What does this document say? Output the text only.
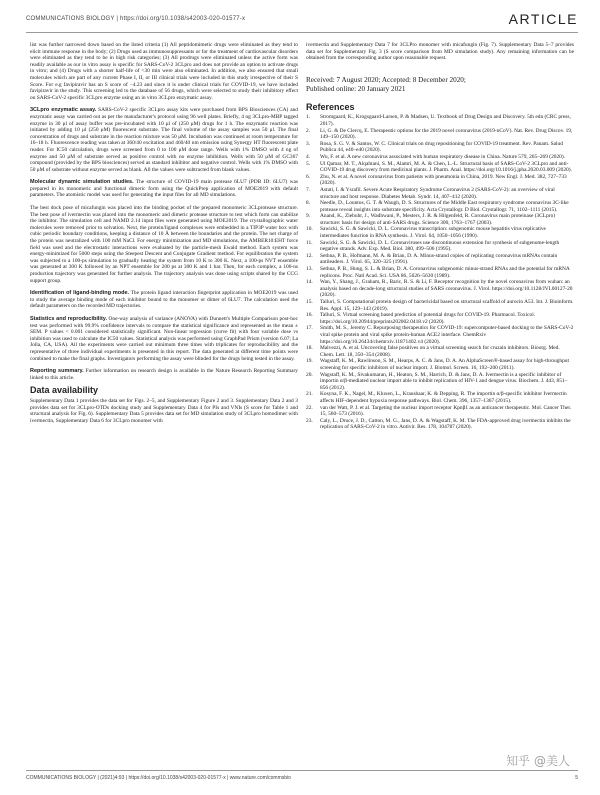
COMMUNICATIONS BIOLOGY | https://doi.org/10.1038/s42003-020-01577-x	ARTICLE

list was further narrowed down based on the listed criteria (1) All peptidomimetic drugs were eliminated as they tend to elicit immune response in the body; (2) Drugs used as immunosuppressants or for the treatment of cardiovascular disorders were eliminated as they tend to be in high risk categories; (3) All prodrugs were eliminated unless the active form was readily available as our in vitro assay is specific for SARS-CoV-2 3CLpro and does not provide an option to activate drugs in vitro; and (4) Drugs with a shorter half-life of <30 min were also eliminated. In addition, we also ensured that small molecules which are part of any current Phase I, II, or III clinical trials were included in this study irrespective of their S Score. For e.g favipiravir has an S score of −4.23 and since it is under clinical trials for COVID-19, we have included favipiravir in the study. This screening led to the database of 56 drugs, which were selected to study their inhibitory effect on SARS-CoV-2 specific 3CLpro enzyme using an in vitro 3CLpro enzymatic assay.

3CLpro enzymatic assay. SARS-CoV-2 specific 3CLpro assay kits were purchased from BPS Biosciences (CA) and enzymatic assay was carried out as per the manufacturer's protocol using 96 well plates. Briefly, 4 ng 3CLpro-MBP tagged enzyme in 30 μl of assay buffer was pre-incubated with 10 μl of (250 μM) drugs for 1 h. The enzymatic reaction was initiated by adding 10 μl (250 μM) fluorescent substrate. The final volume of the assay samples was 50 μl. The final concentration of drugs and substrate in the reaction mixture was 50 μM. Incubation was continued at room temperature for 16–18 h. Fluorescence reading was taken at 360/40 excitation and 460/40 nm emission using Synergy HT fluorescent plate reader. For IC50 calculation, drugs were screened from 0 to 100 μM dose range. Wells with 1% DMSO with 4 ng of enzyme and 50 μM of substrate served as positive control with no enzyme inhibition. Wells with 50 μM of GC367 compound (provided by the BPS biosciences) served as standard inhibitor and negative control. Wells with 1% DMSO with 50 μM of substrate without enzyme served as blank. All the values were subtracted from blank values.

Molecular dynamic simulation studies. The structure of COVID-19 main protease 6LU7 (PDB ID: 6LU7) was prepared in its monomeric and functional dimeric form using the QuickPrep application of MOE2019 with default parameters. The atomistic model was used for generating the input files for all MD simulations.

The best dock pose of micafungin was placed into the binding pocket of the prepared monomeric 3CLprotease structure. The best pose of ivermectin was placed into the monomeric and dimeric protease structure to test which form can stabilize the inhibitor. The simulation cell and NAMD 2.14 input files were generated using MOE2019. The crystallographic water molecules were removed prior to solvation. Next, the protein/ligand complexes were embedded in a TIP3P water box with cubic periodic boundary conditions, keeping a distance of 10 Å between the boundaries and the protein. The net charge of the protein was neutralized with 100 mM NaCl. For energy minimization and MD simulations, the AMBER10:EHT force field was used and the electrostatic interactions were evaluated by the particle-mesh Ewald method. Each system was energy-minimized for 5000 steps using the Steepest Descent and Conjugate Gradient method. For equilibration the system was subjected to a 100-ps simulation to gradually heating the system from 10 K to 300 K. Next, a 100-ps NVT ensemble was generated at 300 K followed by an NPT ensemble for 200 ps at 300 K and 1 bar. Then, for each complex, a 100-ns production trajectory was generated for further analysis. The trajectory analysis was done using scripts shared by the CCG support group.

Identification of ligand-binding mode. The protein ligand interaction fingerprint application in MOE2019 was used to study the average binding mode of each inhibitor bound to the monomer or dimer of 6LU7. The calculation used the default parameters on the recorded MD trajectories.

Statistics and reproducibility. One-way analysis of variance (ANOVA) with Dunnett's Multiple Comparison post-hoc test was performed with 99.9% confidence intervals to compare the statistical significance and represented as the mean ± SEM. P values < 0.001 considered statistically significant. Non-linear regression (curve fit) with four variable dose vs inhibition was used to calculate the IC50 values. Statistical analysis was performed using GraphPad Prism (version 6.07; La Jolla, CA, USA). All the experiments were carried out minimum three times with triplicates for reproducibility and the representative of three individual experiments is presented in this report. The data generated at different time points were combined to make the final graphs. Investigators performing the assay were blinded for the drugs being tested in the assay.

Reporting summary. Further information on research design is available in the Nature Research Reporting Summary linked to this article.

Data availability

Supplementary Data 1 provides the data set for Figs. 2–5, and Supplementary Figure 2 and 3. Supplementary Data 2 and 3 provides data set for 3CLpro-OTDs docking study and Supplementary Data 4 for PIs and VNIs (S score for Table 1 and structural analysis for Fig. 6). Supplementary Data 5 provides data set for MD simulation study of 3CLpro homodimer with ivermectin, Supplementary Data 6 for 3CLpro monomer with

ivermectin and Supplementary Data 7 for 3CLPro monomer with micafungin (Fig. 7). Supplementary Data 5–7 provides data set for Supplementary Fig. 3 (S score comparison from MD simulation study). Any remaining information can be obtained from the corresponding author upon reasonable request.

Received: 7 August 2020; Accepted: 8 December 2020;

Published online: 20 January 2021

References
1. Stromgaard, K., Krogsgaard-Larsen, P. & Madsen, U. Textbook of Drug Design and Discovery. 5th edn (CRC press, 2017).
2. Li, G. & De Clercq, E. Therapeutic options for the 2019 novel coronavirus (2019-nCoV). Nat. Rev. Drug Discov. 19, 149–150 (2020).
3. Rosa, S. G. V. & Santos, W. C. Clinical trials on drug repositioning for COVID-19 treatment. Rev. Panam. Salud Publica 44, e40–e40 (2020).
4. Wu, F. et al. A new coronavirus associated with human respiratory disease in China. Nature 579, 265–269 (2020).
5. Ul Qamar, M. T., Alqahtani, S. M., Alamri, M. A. & Chen, L.-L. Structural basis of SARS-CoV-2 3CLpro and anti-COVID-19 drug discovery from medicinal plants. J. Pharm. Anal. https://doi.org/10.1016/j.jpha.2020.03.009 (2020).
6. Zhu, N. et al. A novel coronavirus from patients with pneumonia in China, 2019. New Engl. J. Med. 382, 727–733 (2020).
7. Astuti, I. & Ysrafil. Severe Acute Respiratory Syndrome Coronavirus 2 (SARS-CoV-2): an overview of viral structure and host response. Diabetes Metab. Syndr. 14, 407–412 (2020).
8. Needle, D., Lountos, G. T. & Waugh, D. S. Structures of the Middle East respiratory syndrome coronavirus 3C-like protease reveal insights into substrate specificity. Acta Crystallogr. D Biol. Crystallogr. 71, 1102–1111 (2015).
9. Anand, K., Ziebuhr, J., Wadhwani, P., Mesters, J. R. & Hilgenfeld, R. Coronavirus main proteinase (3CLpro) structure: basis for design of anti-SARS drugs. Science 300, 1763–1767 (2003).
10. Sawicki, S. G. & Sawicki, D. L. Coronavirus transcription: subgenomic mouse hepatitis virus replicative intermediates function in RNA synthesis. J. Virol. 64, 1050–1056 (1990).
11. Sawicki, S. G. & Sawicki, D. L. Coronaviruses use discontinuous extension for synthesis of subgenome-length negative strands. Adv. Exp. Med. Biol. 380, 499–506 (1995).
12. Sethna, P. B., Hofmann, M. A. & Brian, D. A. Minus-strand copies of replicating coronavirus mRNAs contain antileaders. J. Virol. 65, 320–325 (1991).
13. Sethna, P. B., Hung, S. L. & Brian, D. A. Coronavirus subgenomic minus-strand RNAs and the potential for mRNA replicons. Proc. Natl Acad. Sci. USA 86, 5626–5630 (1989).
14. Wan, Y., Shang, J., Graham, R., Baric, R. S. & Li, F. Receptor recognition by the novel coronavirus from wuhan: an analysis based on decade-long structural studies of SARS coronavirus. J. Virol. https://doi.org/10.1128/JVI.00127-20 (2020).
15. Talluri, S. Computational protein design of bactericidal based on structural scaffold of aurocin A53. Int. J. Bioinform. Res. Appl. 15, 129–143 (2019).
16. Talluri, S. Virtual screening based prediction of potential drugs for COVID-19. Pharmacol. Toxicol. https://doi.org/10.20944/preprints202002.0418.v2 (2020).
17. Smith, M. S., Jeremy C. Repurposing therapeutics for COVID-19: supercomputer-based docking to the SARS-CoV-2 viral spike protein and viral spike protein-human ACE2 interface. ChemRxiv https://doi.org/10.26434/chemrxiv.11871402.v4 (2020).
18. Malvezzi, A. et al. Uncovering false positives on a virtual screening search for cruzain inhibitors. Bioorg. Med. Chem. Lett. 18, 350–354 (2008).
19. Wagstaff, K. M., Rawlinson, S. M., Hearps, A. C. & Jans, D. A. An AlphaScreen®-based assay for high-throughput screening for specific inhibitors of nuclear import. J. Biomol. Screen. 16, 192–200 (2011).
20. Wagstaff, K. M., Sivakumaran, H., Heaton, S. M., Harrich, D. & Jans, D. A. Ivermectin is a specific inhibitor of importin α/β-mediated nuclear import able to inhibit replication of HIV-1 and dengue virus. Biochem. J. 443, 851–856 (2012).
21. Kosyna, F. K., Nagel, M., Kluxen, L., Kraushaar, K. & Depping, R. The importin α/β-specific inhibitor Ivermectin affects HIF-dependent hypoxia response pathways. Biol. Chem. 396, 1357–1367 (2015).
22. van der Watt, P. J. et al. Targeting the nuclear import receptor Kpnβ1 as an anticancer therapeutic. Mol. Cancer Ther. 15, 560–573 (2016).
23. Caly, L., Druce, J. D., Catton, M. G., Jans, D. A. & Wagstaff, K. M. The FDA-approved drug ivermectin inhibits the replication of SARS-CoV-2 in vitro. Antivir. Res. 178, 104787 (2020).
COMMUNICATIONS BIOLOGY | (2021)4:93 | https://doi.org/10.1038/s42003-020-01577-x | www.nature.com/commsbio	5
知乎 @美人
